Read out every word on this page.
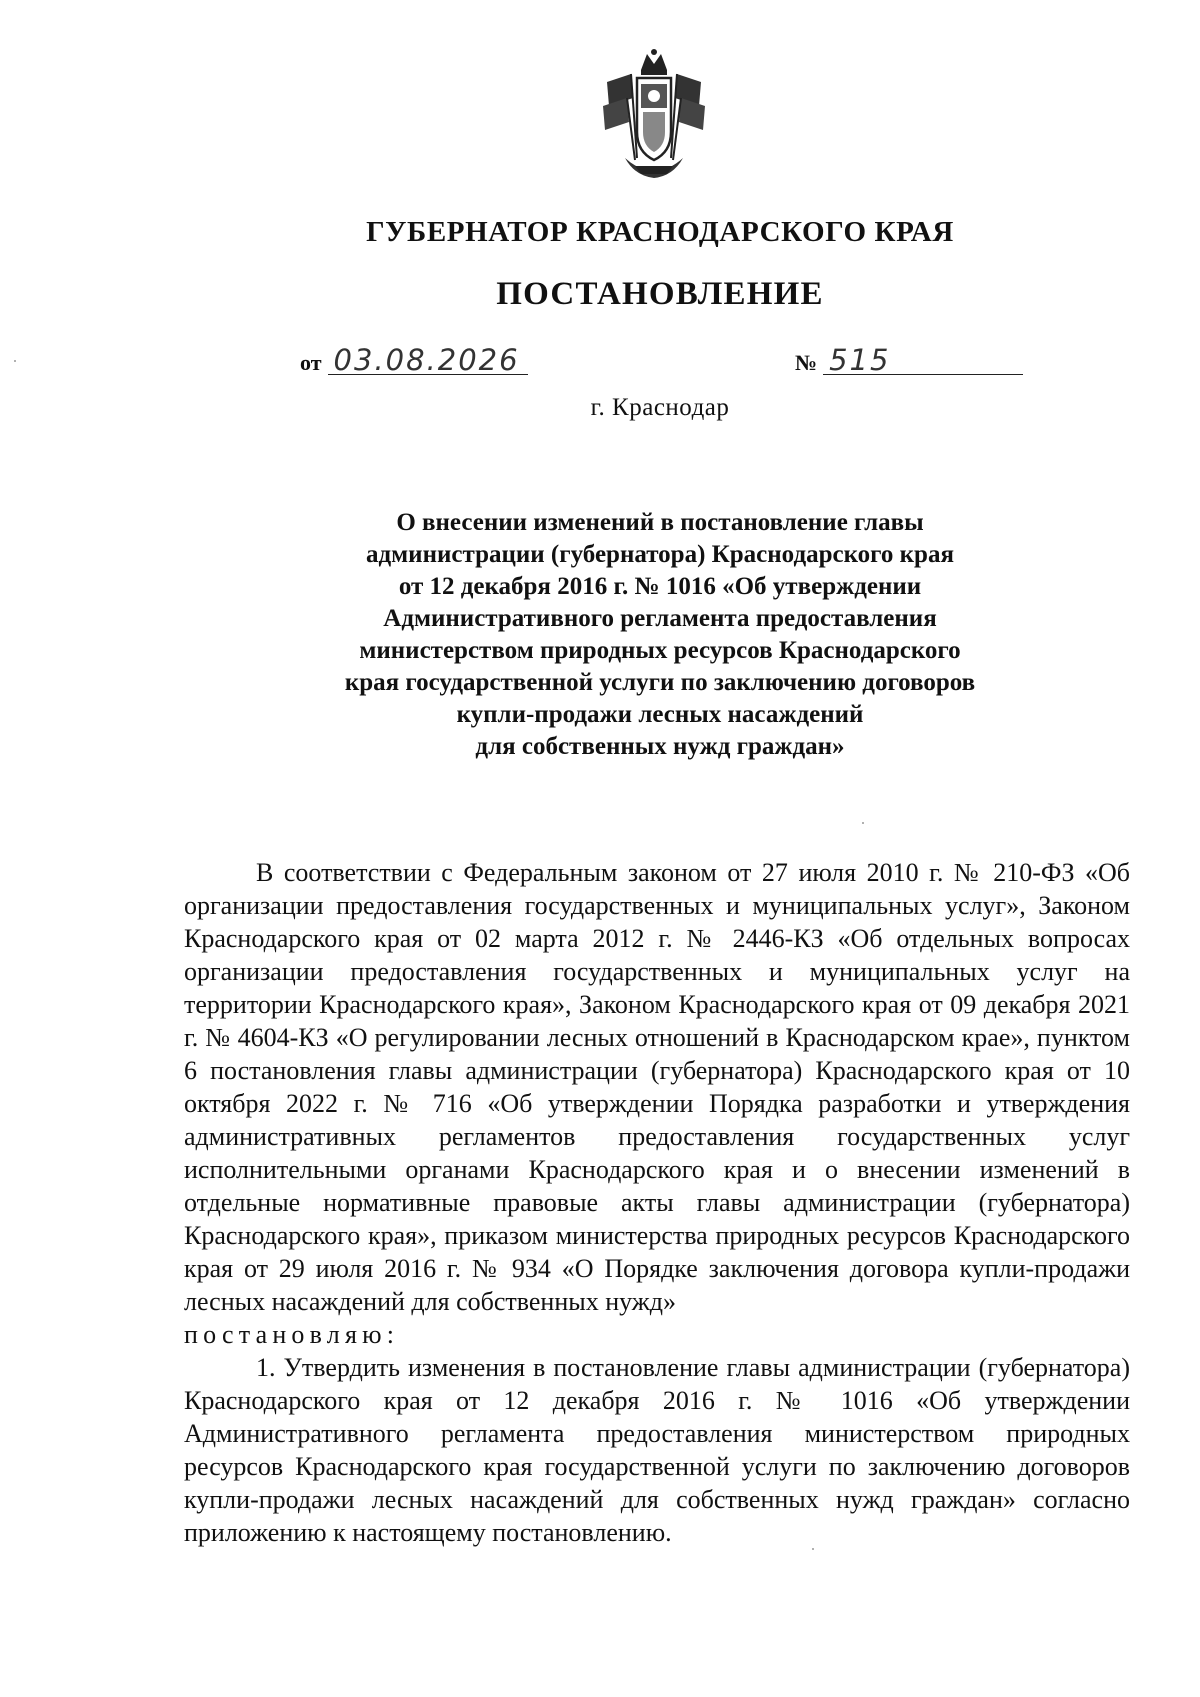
ГУБЕРНАТОР КРАСНОДАРСКОГО КРАЯ
ПОСТАНОВЛЕНИЕ
от 03.08.2026	№ 515
г. Краснодар
О внесении изменений в постановление главы
администрации (губернатора) Краснодарского края
от 12 декабря 2016 г. № 1016 «Об утверждении
Административного регламента предоставления
министерством природных ресурсов Краснодарского
края государственной услуги по заключению договоров
купли-продажи лесных насаждений
для собственных нужд граждан»

В соответствии с Федеральным законом от 27 июля 2010 г. № 210-ФЗ «Об организации предоставления государственных и муниципальных услуг», Законом Краснодарского края от 02 марта 2012 г. № 2446-КЗ «Об отдельных вопросах организации предоставления государственных и муниципальных услуг на территории Краснодарского края», Законом Краснодарского края от 09 декабря 2021 г. № 4604-КЗ «О регулировании лесных отношений в Краснодарском крае», пунктом 6 постановления главы администрации (губернатора) Краснодарского края от 10 октября 2022 г. № 716 «Об утверждении Порядка разработки и утверждения административных регламентов предоставления государственных услуг исполнительными органами Краснодарского края и о внесении изменений в отдельные нормативные правовые акты главы администрации (губернатора) Краснодарского края», приказом министерства природных ресурсов Краснодарского края от 29 июля 2016 г. № 934 «О Порядке заключения договора купли-продажи лесных насаждений для собственных нужд»

постановляю:

1. Утвердить изменения в постановление главы администрации (губернатора) Краснодарского края от 12 декабря 2016 г. № 1016 «Об утверждении Административного регламента предоставления министерством природных ресурсов Краснодарского края государственной услуги по заключению договоров купли-продажи лесных насаждений для собственных нужд граждан» согласно приложению к настоящему постановлению.
